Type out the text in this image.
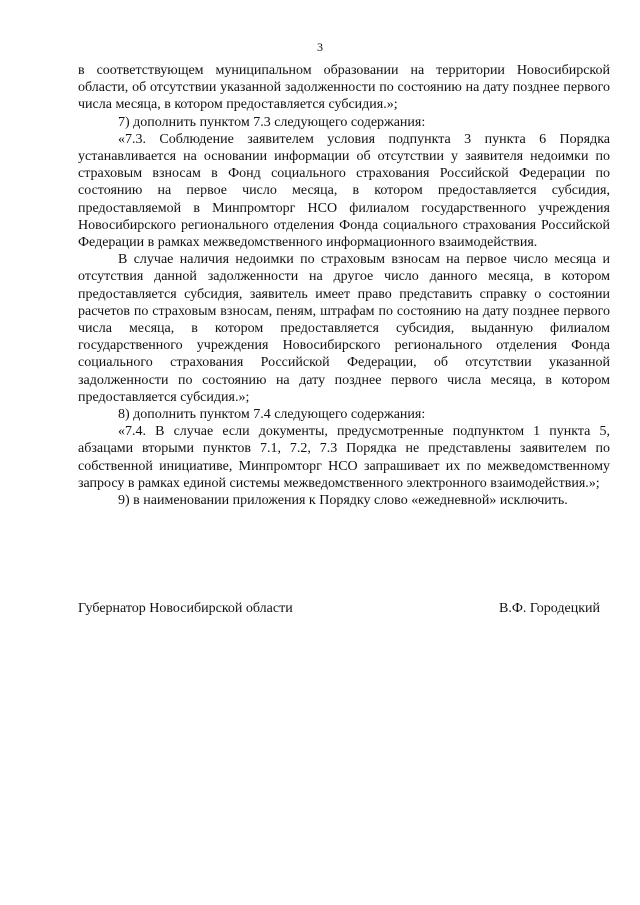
3

в соответствующем муниципальном образовании на территории Новосибирской области, об отсутствии указанной задолженности по состоянию на дату позднее первого числа месяца, в котором предоставляется субсидия.»;

7) дополнить пунктом 7.3 следующего содержания:

«7.3. Соблюдение заявителем условия подпункта 3 пункта 6 Порядка устанавливается на основании информации об отсутствии у заявителя недоимки по страховым взносам в Фонд социального страхования Российской Федерации по состоянию на первое число месяца, в котором предоставляется субсидия, предоставляемой в Минпромторг НСО филиалом государственного учреждения Новосибирского регионального отделения Фонда социального страхования Российской Федерации в рамках межведомственного информационного взаимодействия.

В случае наличия недоимки по страховым взносам на первое число месяца и отсутствия данной задолженности на другое число данного месяца, в котором предоставляется субсидия, заявитель имеет право представить справку о состоянии расчетов по страховым взносам, пеням, штрафам по состоянию на дату позднее первого числа месяца, в котором предоставляется субсидия, выданную филиалом государственного учреждения Новосибирского регионального отделения Фонда социального страхования Российской Федерации, об отсутствии указанной задолженности по состоянию на дату позднее первого числа месяца, в котором предоставляется субсидия.»;

8) дополнить пунктом 7.4 следующего содержания:

«7.4. В случае если документы, предусмотренные подпунктом 1 пункта 5, абзацами вторыми пунктов 7.1, 7.2, 7.3 Порядка не представлены заявителем по собственной инициативе, Минпромторг НСО запрашивает их по межведомственному запросу в рамках единой системы межведомственного электронного взаимодействия.»;

9) в наименовании приложения к Порядку слово «ежедневной» исключить.

Губернатор Новосибирской области	В.Ф. Городецкий
